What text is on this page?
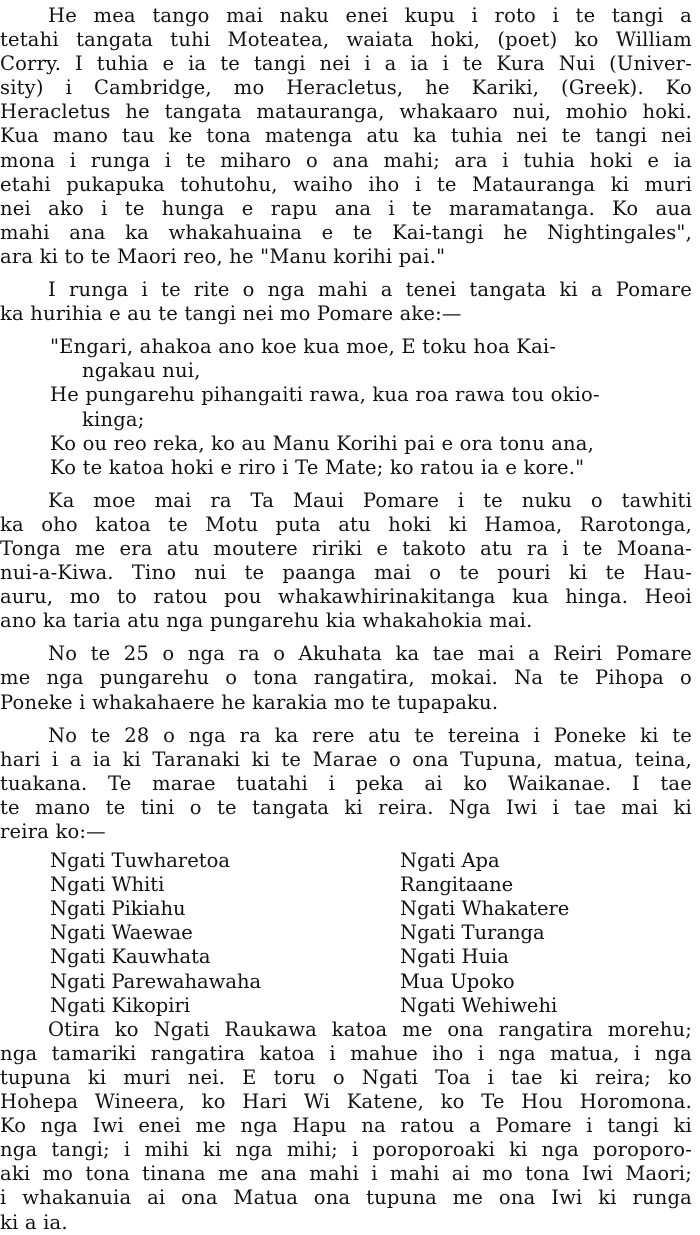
He mea tango mai naku enei kupu i roto i te tangi a
tetahi tangata tuhi Moteatea, waiata hoki, (poet) ko William
Corry. I tuhia e ia te tangi nei i a ia i te Kura Nui (Univer-
sity) i Cambridge, mo Heracletus, he Kariki, (Greek). Ko
Heracletus he tangata matauranga, whakaaro nui, mohio hoki.
Kua mano tau ke tona matenga atu ka tuhia nei te tangi nei
mona i runga i te miharo o ana mahi; ara i tuhia hoki e ia
etahi pukapuka tohutohu, waiho iho i te Matauranga ki muri
nei ako i te hunga e rapu ana i te maramatanga. Ko aua
mahi ana ka whakahuaina e te Kai-tangi he Nightingales",
ara ki to te Maori reo, he "Manu korihi pai."
I runga i te rite o nga mahi a tenei tangata ki a Pomare
ka hurihia e au te tangi nei mo Pomare ake:—
"Engari, ahakoa ano koe kua moe, E toku hoa Kai-
ngakau nui,
He pungarehu pihangaiti rawa, kua roa rawa tou okio-
kinga;
Ko ou reo reka, ko au Manu Korihi pai e ora tonu ana,
Ko te katoa hoki e riro i Te Mate; ko ratou ia e kore."
Ka moe mai ra Ta Maui Pomare i te nuku o tawhiti
ka oho katoa te Motu puta atu hoki ki Hamoa, Rarotonga,
Tonga me era atu moutere ririki e takoto atu ra i te Moana-
nui-a-Kiwa. Tino nui te paanga mai o te pouri ki te Hau-
auru, mo to ratou pou whakawhirinakitanga kua hinga. Heoi
ano ka taria atu nga pungarehu kia whakahokia mai.
No te 25 o nga ra o Akuhata ka tae mai a Reiri Pomare
me nga pungarehu o tona rangatira, mokai. Na te Pihopa o
Poneke i whakahaere he karakia mo te tupapaku.
No te 28 o nga ra ka rere atu te tereina i Poneke ki te
hari i a ia ki Taranaki ki te Marae o ona Tupuna, matua, teina,
tuakana. Te marae tuatahi i peka ai ko Waikanae. I tae
te mano te tini o te tangata ki reira. Nga Iwi i tae mai ki
reira ko:—
Ngati Tuwharetoa	Ngati Apa
Ngati Whiti	Rangitaane
Ngati Pikiahu	Ngati Whakatere
Ngati Waewae	Ngati Turanga
Ngati Kauwhata	Ngati Huia
Ngati Parewahawaha	Mua Upoko
Ngati Kikopiri	Ngati Wehiwehi
Otira ko Ngati Raukawa katoa me ona rangatira morehu;
nga tamariki rangatira katoa i mahue iho i nga matua, i nga
tupuna ki muri nei. E toru o Ngati Toa i tae ki reira; ko
Hohepa Wineera, ko Hari Wi Katene, ko Te Hou Horomona.
Ko nga Iwi enei me nga Hapu na ratou a Pomare i tangi ki
nga tangi; i mihi ki nga mihi; i poroporoaki ki nga poroporo-
aki mo tona tinana me ana mahi i mahi ai mo tona Iwi Maori;
i whakanuia ai ona Matua ona tupuna me ona Iwi ki runga
ki a ia.
